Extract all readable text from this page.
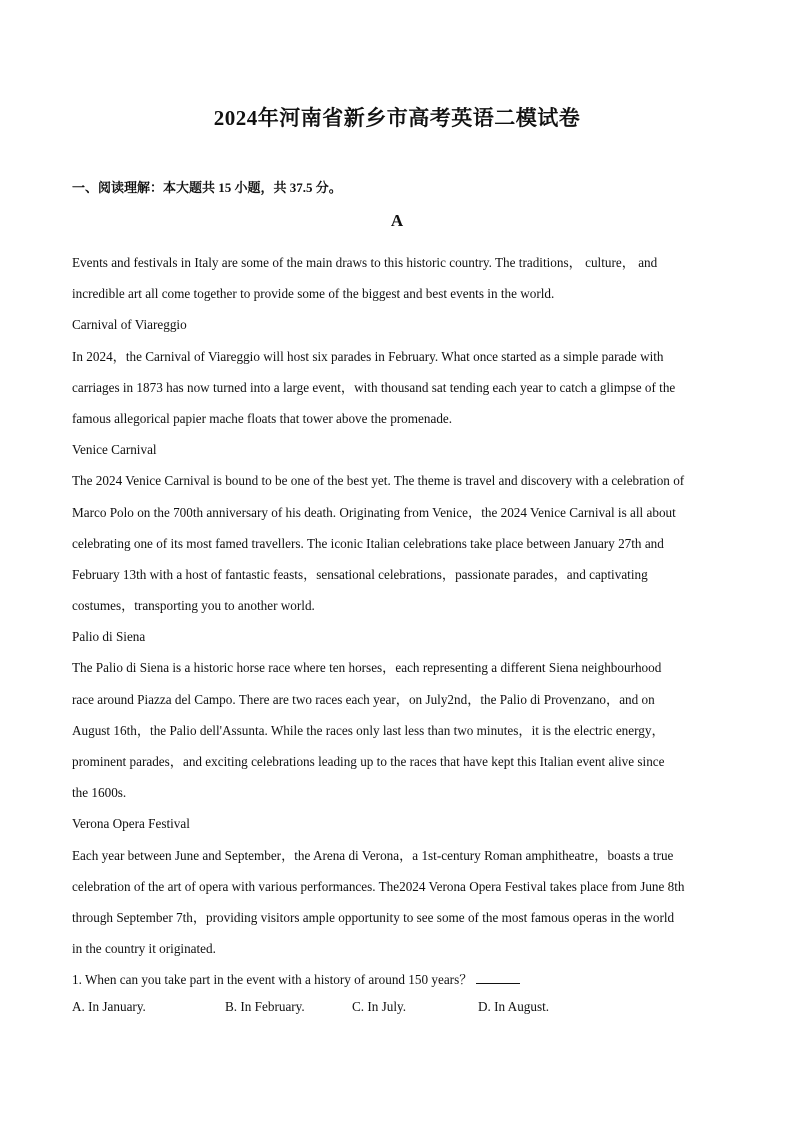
2024年河南省新乡市高考英语二模试卷
一、阅读理解：本大题共 15 小题，共 37.5 分。
A
Events and festivals in Italy are some of the main draws to this historic country. The traditions， culture， and
incredible art all come together to provide some of the biggest and best events in the world.
Carnival of Viareggio
In 2024，the Carnival of Viareggio will host six parades in February. What once started as a simple parade with
carriages in 1873 has now turned into a large event，with thousand sat tending each year to catch a glimpse of the
famous allegorical papier mache floats that tower above the promenade.
Venice Carnival
The 2024 Venice Carnival is bound to be one of the best yet. The theme is travel and discovery with a celebration of
Marco Polo on the 700th anniversary of his death. Originating from Venice，the 2024 Venice Carnival is all about
celebrating one of its most famed travellers. The iconic Italian celebrations take place between January 27th and
February 13th with a host of fantastic feasts，sensational celebrations，passionate parades，and captivating
costumes，transporting you to another world.
Palio di Siena
The Palio di Siena is a historic horse race where ten horses，each representing a different Siena neighbourhood
race around Piazza del Campo. There are two races each year，on July2nd，the Palio di Provenzano，and on
August 16th，the Palio dell'Assunta. While the races only last less than two minutes，it is the electric energy，
prominent parades，and exciting celebrations leading up to the races that have kept this Italian event alive since
the 1600s.
Verona Opera Festival
Each year between June and September，the Arena di Verona，a 1st-century Roman amphitheatre，boasts a true
celebration of the art of opera with various performances. The2024 Verona Opera Festival takes place from June 8th
through September 7th，providing visitors ample opportunity to see some of the most famous operas in the world
in the country it originated.
1. When can you take part in the event with a history of around 150 years？
A. In January.	B. In February.	C. In July.	D. In August.
